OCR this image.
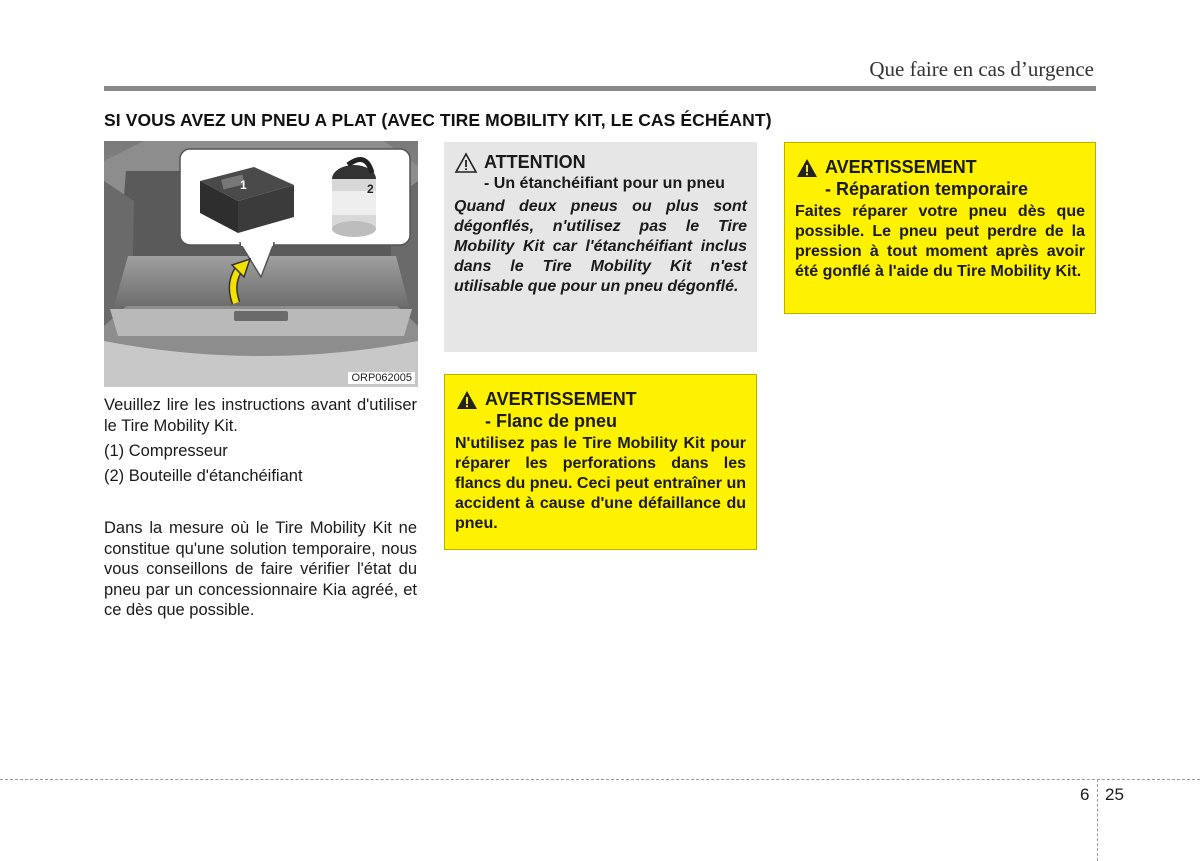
Que faire en cas d’urgence
SI VOUS AVEZ UN PNEU A PLAT (AVEC TIRE MOBILITY KIT, LE CAS ÉCHÉANT)
1	2
ORP062005
Veuillez lire les instructions avant d'utiliser le Tire Mobility Kit.
(1) Compresseur
(2) Bouteille d'étanchéifiant
Dans la mesure où le Tire Mobility Kit ne constitue qu'une solution temporaire, nous vous conseillons de faire vérifier l'état du pneu par un concessionnaire Kia agréé, et ce dès que possible.
ATTENTION
- Un étanchéifiant pour un pneu
Quand deux pneus ou plus sont dégonflés, n'utilisez pas le Tire Mobility Kit car l'étanchéifiant inclus dans le Tire Mobility Kit n'est utilisable que pour un pneu dégonflé.
AVERTISSEMENT
- Flanc de pneu
N'utilisez pas le Tire Mobility Kit pour réparer les perforations dans les flancs du pneu. Ceci peut entraîner un accident à cause d'une défaillance du pneu.
AVERTISSEMENT
- Réparation temporaire
Faites réparer votre pneu dès que possible. Le pneu peut perdre de la pression à tout moment après avoir été gonflé à l'aide du Tire Mobility Kit.
6 25
